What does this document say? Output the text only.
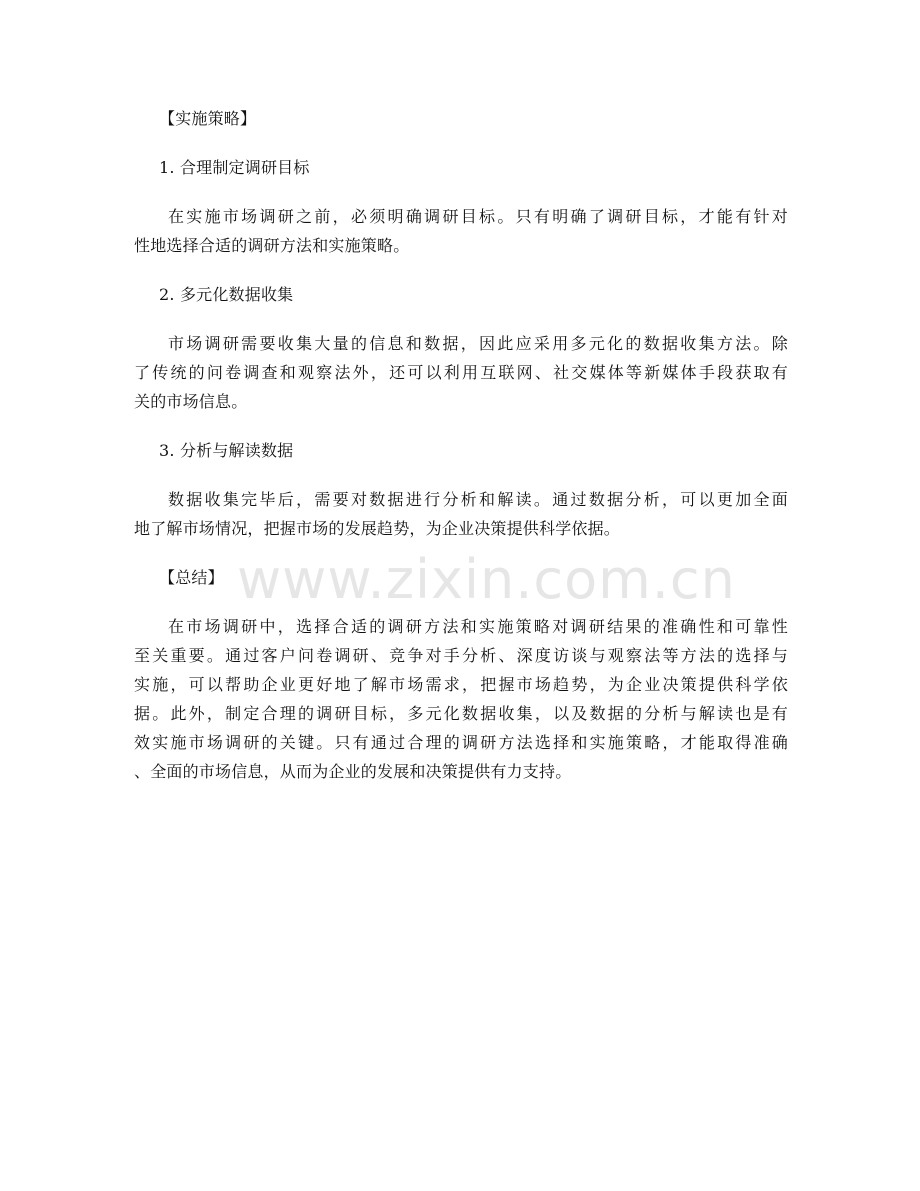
www.zixin.com.cn
【实施策略】
1. 合理制定调研目标
在实施市场调研之前，必须明确调研目标。只有明确了调研目标，才能有针对
性地选择合适的调研方法和实施策略。
2. 多元化数据收集
市场调研需要收集大量的信息和数据，因此应采用多元化的数据收集方法。除
了传统的问卷调查和观察法外，还可以利用互联网、社交媒体等新媒体手段获取有
关的市场信息。
3. 分析与解读数据
数据收集完毕后，需要对数据进行分析和解读。通过数据分析，可以更加全面
地了解市场情况，把握市场的发展趋势，为企业决策提供科学依据。
【总结】
在市场调研中，选择合适的调研方法和实施策略对调研结果的准确性和可靠性
至关重要。通过客户问卷调研、竞争对手分析、深度访谈与观察法等方法的选择与
实施，可以帮助企业更好地了解市场需求，把握市场趋势，为企业决策提供科学依
据。此外，制定合理的调研目标，多元化数据收集，以及数据的分析与解读也是有
效实施市场调研的关键。只有通过合理的调研方法选择和实施策略，才能取得准确
、全面的市场信息，从而为企业的发展和决策提供有力支持。
